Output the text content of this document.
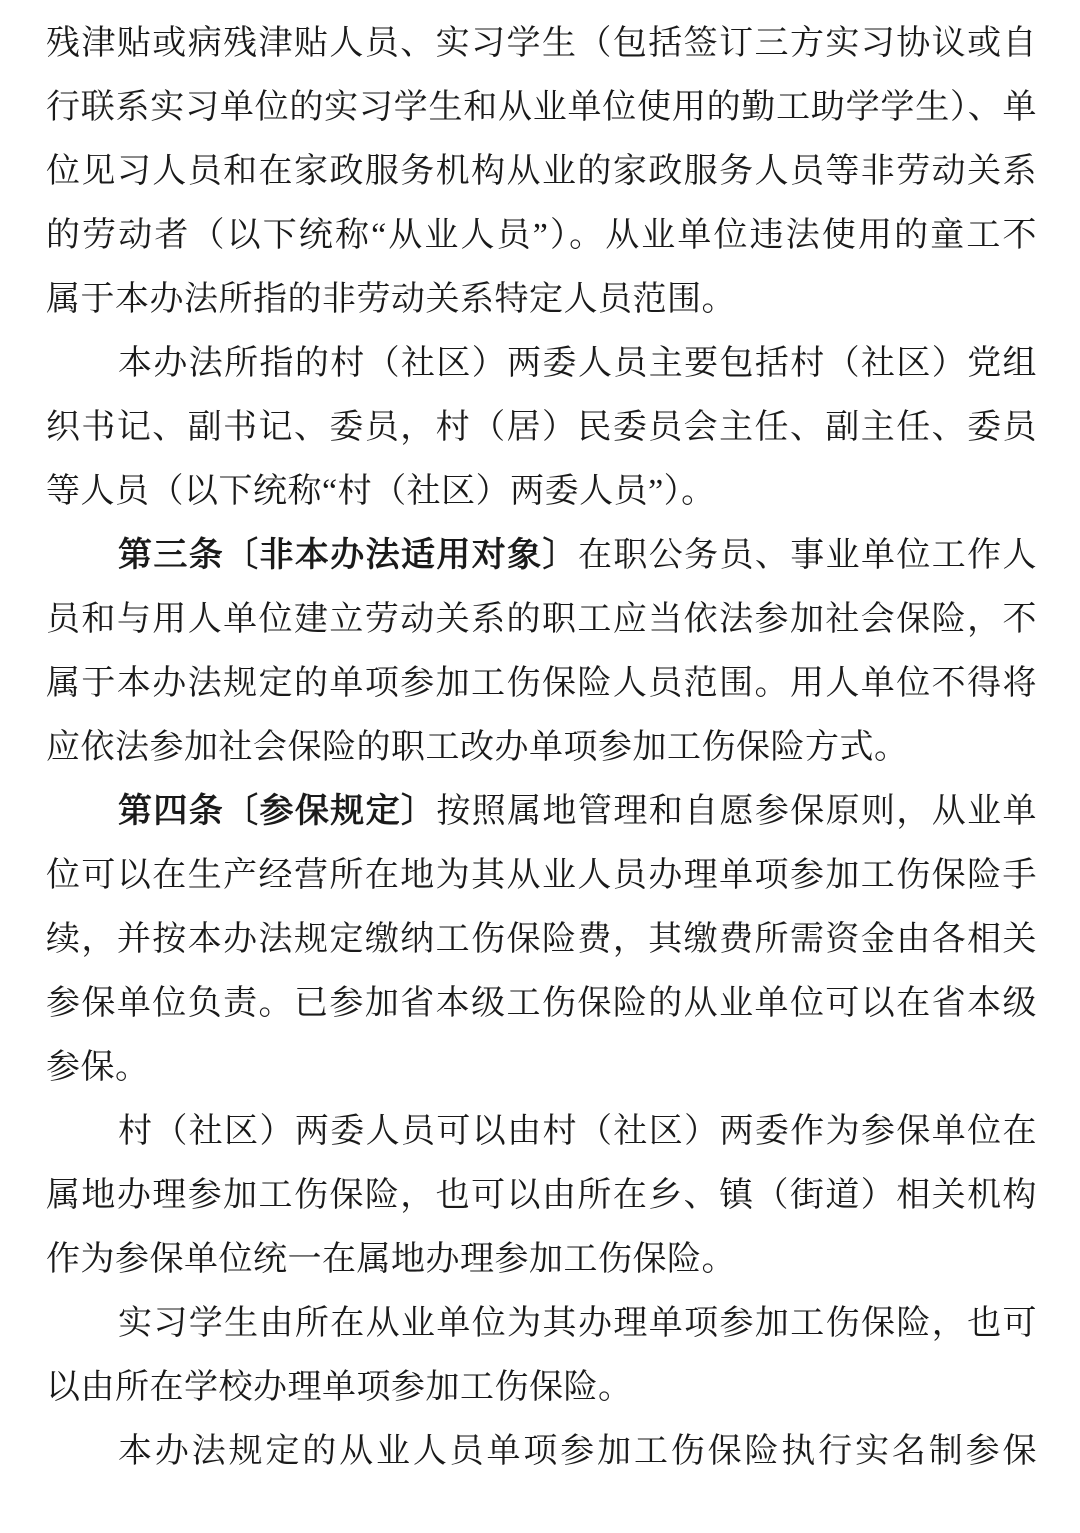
残津贴或病残津贴人员、实习学生（包括签订三方实习协议或自
行联系实习单位的实习学生和从业单位使用的勤工助学学生）、单
位见习人员和在家政服务机构从业的家政服务人员等非劳动关系
的劳动者（以下统称“从业人员”）。从业单位违法使用的童工不
属于本办法所指的非劳动关系特定人员范围。
本办法所指的村（社区）两委人员主要包括村（社区）党组
织书记、副书记、委员，村（居）民委员会主任、副主任、委员
等人员（以下统称“村（社区）两委人员”）。
第三条〔非本办法适用对象〕在职公务员、事业单位工作人
员和与用人单位建立劳动关系的职工应当依法参加社会保险，不
属于本办法规定的单项参加工伤保险人员范围。用人单位不得将
应依法参加社会保险的职工改办单项参加工伤保险方式。
第四条〔参保规定〕按照属地管理和自愿参保原则，从业单
位可以在生产经营所在地为其从业人员办理单项参加工伤保险手
续，并按本办法规定缴纳工伤保险费，其缴费所需资金由各相关
参保单位负责。已参加省本级工伤保险的从业单位可以在省本级
参保。
村（社区）两委人员可以由村（社区）两委作为参保单位在
属地办理参加工伤保险，也可以由所在乡、镇（街道）相关机构
作为参保单位统一在属地办理参加工伤保险。
实习学生由所在从业单位为其办理单项参加工伤保险，也可
以由所在学校办理单项参加工伤保险。
本办法规定的从业人员单项参加工伤保险执行实名制参保
